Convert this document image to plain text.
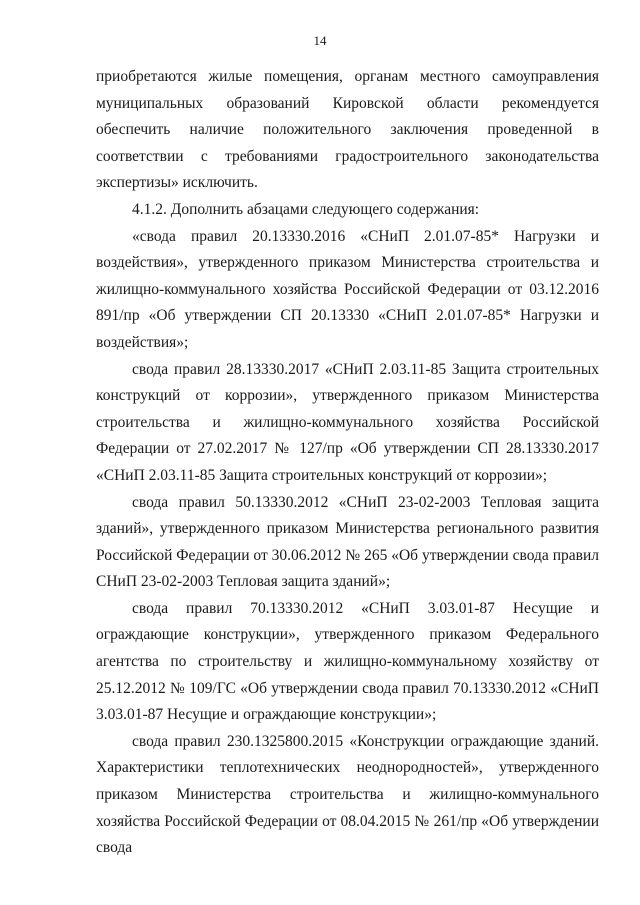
14

приобретаются жилые помещения, органам местного самоуправления муниципальных образований Кировской области рекомендуется обеспечить наличие положительного заключения проведенной в соответствии с требованиями градостроительного законодательства экспертизы» исключить.

4.1.2. Дополнить абзацами следующего содержания:

«свода правил 20.13330.2016 «СНиП 2.01.07-85* Нагрузки и воздействия», утвержденного приказом Министерства строительства и жилищно-коммунального хозяйства Российской Федерации от 03.12.2016 891/пр «Об утверждении СП 20.13330 «СНиП 2.01.07-85* Нагрузки и воздействия»;

свода правил 28.13330.2017 «СНиП 2.03.11-85 Защита строительных конструкций от коррозии», утвержденного приказом Министерства строительства и жилищно-коммунального хозяйства Российской Федерации от 27.02.2017 № 127/пр «Об утверждении СП 28.13330.2017 «СНиП 2.03.11-85 Защита строительных конструкций от коррозии»;

свода правил 50.13330.2012 «СНиП 23-02-2003 Тепловая защита зданий», утвержденного приказом Министерства регионального развития Российской Федерации от 30.06.2012 № 265 «Об утверждении свода правил СНиП 23-02-2003 Тепловая защита зданий»;

свода правил 70.13330.2012 «СНиП 3.03.01-87 Несущие и ограждающие конструкции», утвержденного приказом Федерального агентства по строительству и жилищно-коммунальному хозяйству от 25.12.2012 № 109/ГС «Об утверждении свода правил 70.13330.2012 «СНиП 3.03.01-87 Несущие и ограждающие конструкции»;

свода правил 230.1325800.2015 «Конструкции ограждающие зданий. Характеристики теплотехнических неоднородностей», утвержденного приказом Министерства строительства и жилищно-коммунального хозяйства Российской Федерации от 08.04.2015 № 261/пр «Об утверждении свода
